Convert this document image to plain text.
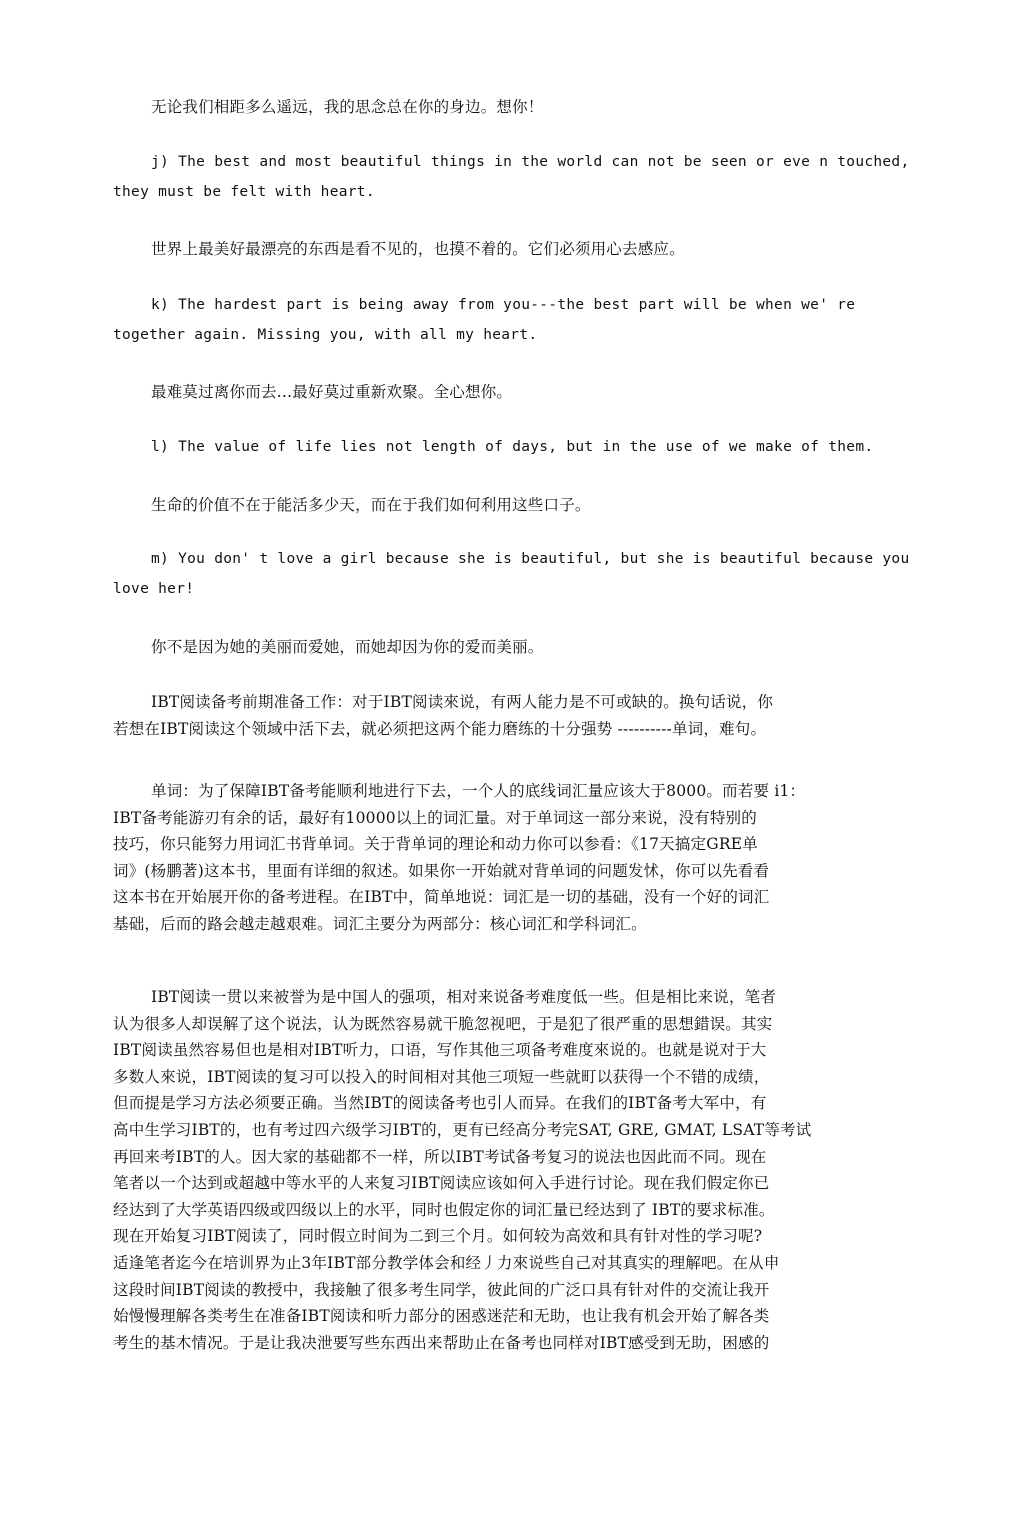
无论我们相距多么遥远，我的思念总在你的身边。想你！

j) The best and most beautiful things in the world can not be seen or eve n touched, they must be felt with heart.

世界上最美好最漂亮的东西是看不见的，也摸不着的。它们必须用心去感应。

k) The hardest part is being away from you---the best part will be when we' re together again. Missing you, with all my heart.

最难莫过离你而去…最好莫过重新欢聚。全心想你。

l) The value of life lies not length of days, but in the use of we make of them.

生命的价值不在于能活多少天，而在于我们如何利用这些口子。

m) You don' t love a girl because she is beautiful, but she is beautiful because you love her!

你不是因为她的美丽而爱她，而她却因为你的爱而美丽。

IBT阅读备考前期准备工作：对于IBT阅读來说，有两人能力是不可或缺的。换句话说，你
若想在IBT阅读这个领域中活下去，就必须把这两个能力磨练的十分强势 ----------单词，难句。
单词：为了保障IBT备考能顺利地进行下去，一个人的底线词汇量应该大于8000。而若要 i1：
IBT备考能游刃有余的话，最好有10000以上的词汇量。对于单词这一部分来说，没有特别的
技巧，你只能努力用词汇书背单词。关于背单词的理论和动力你可以参看：《17天搞定GRE单
词》(杨鹏著)这本书，里面有详细的叙述。如果你一开始就对背单词的问题发怵，你可以先看看
这本书在开始展开你的备考进程。在IBT中，简单地说：词汇是一切的基础，没有一个好的词汇
基础，后而的路会越走越艰难。词汇主要分为两部分：核心词汇和学科词汇。
IBT阅读一贯以来被誉为是中国人的强项，相对来说备考难度低一些。但是相比来说，笔者
认为很多人却误解了这个说法，认为既然容易就干脆忽视吧，于是犯了很严重的思想錯误。其实
IBT阅读虽然容易但也是相对IBT听力，口语，写作其他三项备考难度來说的。也就是说对于大
多数人來说，IBT阅读的复习可以投入的时间相对其他三项短一些就町以获得一个不错的成绩，
但而提是学习方法必须要正确。当然IBT的阅读备考也引人而异。在我们的IBT备考大军中，有
高中生学习IBT的，也有考过四六级学习IBT的，更有已经高分考完SAT, GRE, GMAT, LSAT等考试
再回来考IBT的人。因大家的基础都不一样，所以IBT考试备考复习的说法也因此而不同。现在
笔者以一个达到或超越中等水平的人来复习IBT阅读应该如何入手进行讨论。现在我们假定你已
经达到了大学英语四级或四级以上的水平，同时也假定你的词汇量已经达到了 IBT的要求标准。
现在开始复习IBT阅读了，同时假立时间为二到三个月。如何较为高效和具有针对性的学习呢?
适逢笔者迄今在培训界为止3年IBT部分教学体会和经丿力來说些自己对其真实的理解吧。在从申
这段时间IBT阅读的教授中，我接触了很多考生同学，彼此间的广泛口具有针对件的交流让我开
始慢慢理解各类考生在准备IBT阅读和听力部分的困惑迷茫和无助，也让我有机会开始了解各类
考生的基木情况。于是让我决泄要写些东西出来帮助止在备考也同样对IBT感受到无助，困感的
